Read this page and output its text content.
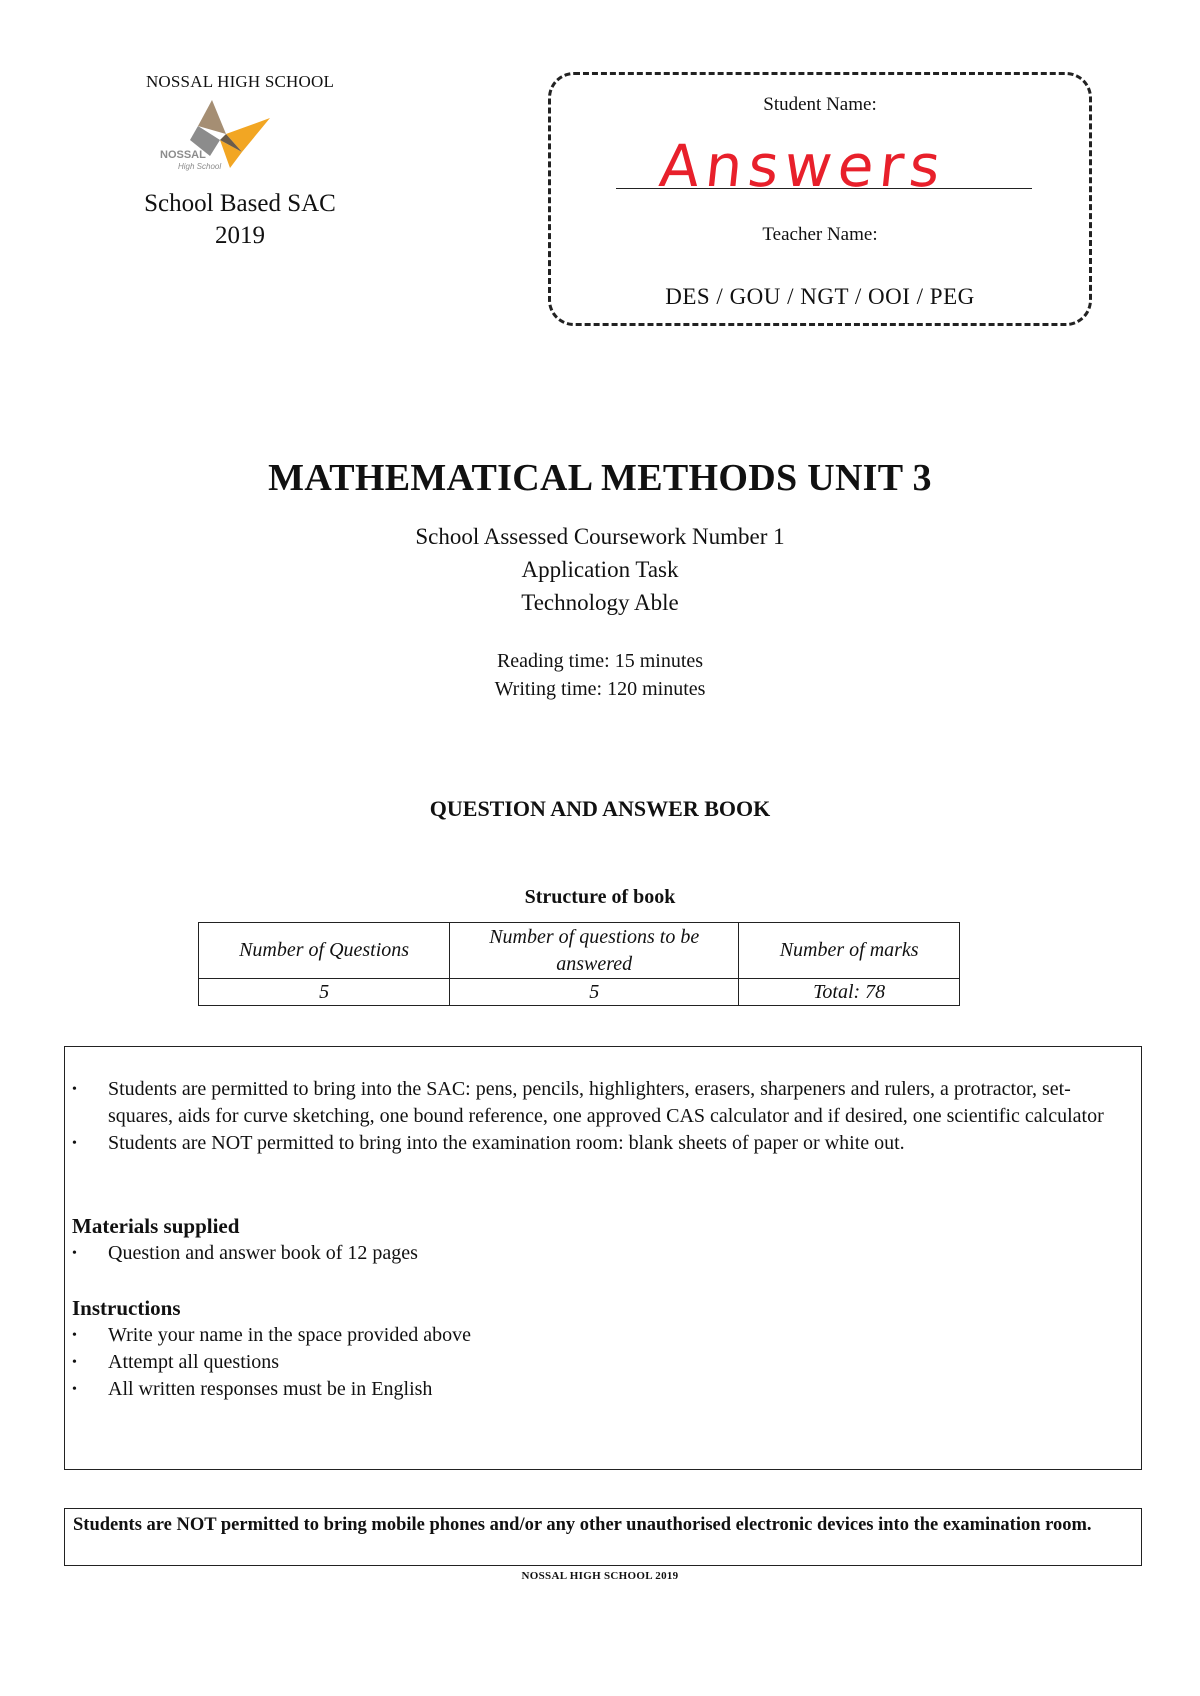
NOSSAL HIGH SCHOOL
NOSSAL
High School
School Based SAC
2019
Student Name:
Answers
Teacher Name:
DES / GOU / NGT / OOI / PEG
MATHEMATICAL METHODS UNIT 3
School Assessed Coursework Number 1
Application Task
Technology Able
Reading time: 15 minutes
Writing time: 120 minutes
QUESTION AND ANSWER BOOK
Structure of book
Number of Questions	Number of questions to be answered	Number of marks
5	5	Total: 78
• Students are permitted to bring into the SAC: pens, pencils, highlighters, erasers, sharpeners and rulers, a protractor, set-squares, aids for curve sketching, one bound reference, one approved CAS calculator and if desired, one scientific calculator
• Students are NOT permitted to bring into the examination room: blank sheets of paper or white out.
Materials supplied
• Question and answer book of 12 pages
Instructions
• Write your name in the space provided above
• Attempt all questions
• All written responses must be in English
Students are NOT permitted to bring mobile phones and/or any other unauthorised electronic devices into the examination room.
NOSSAL HIGH SCHOOL 2019
